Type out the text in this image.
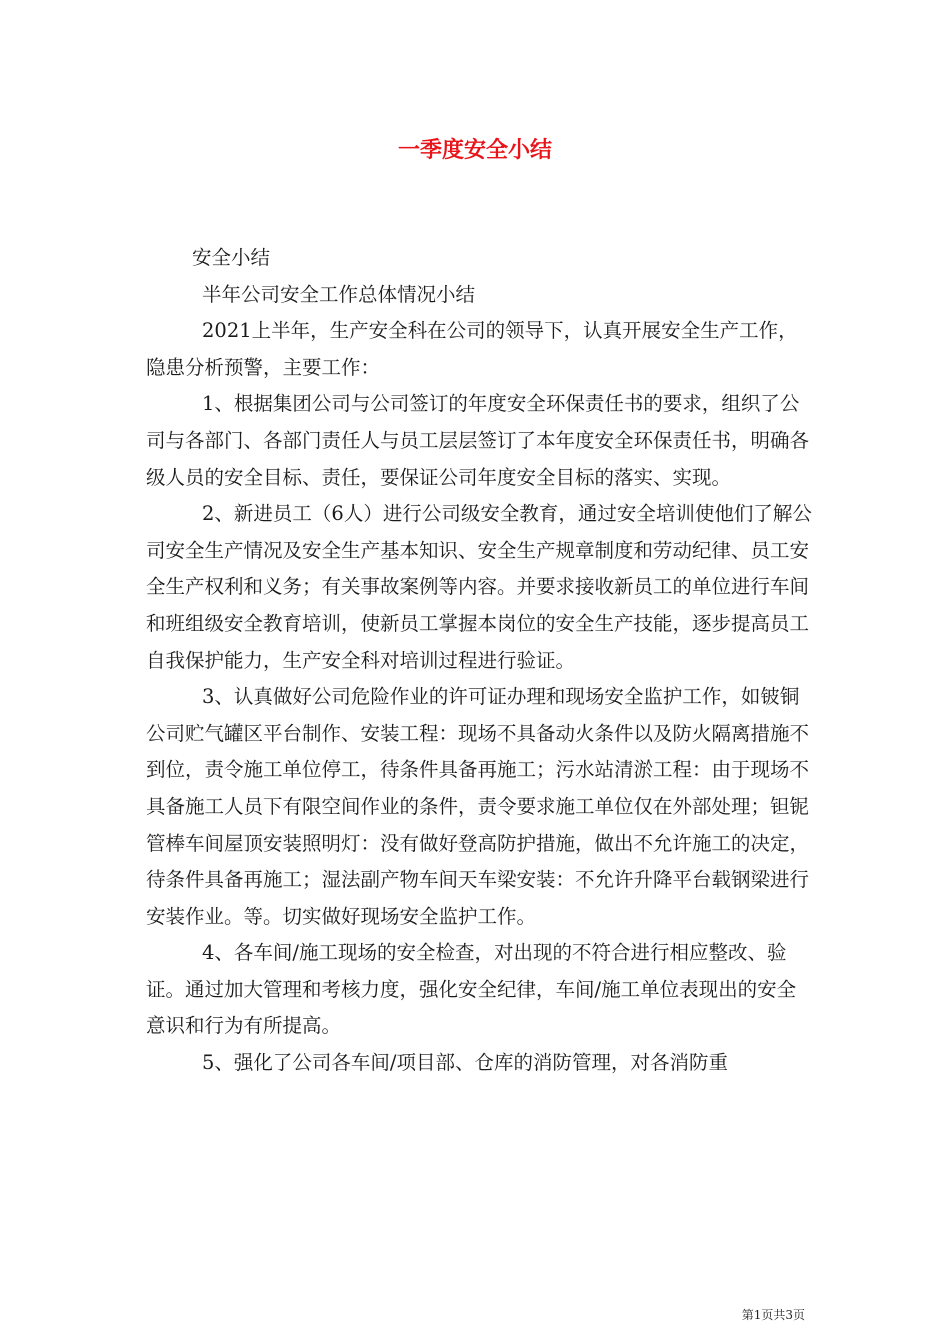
一季度安全小结

安全小结

半年公司安全工作总体情况小结

2021上半年，生产安全科在公司的领导下，认真开展安全生产工作，隐患分析预警，主要工作：

1、根据集团公司与公司签订的年度安全环保责任书的要求，组织了公司与各部门、各部门责任人与员工层层签订了本年度安全环保责任书，明确各级人员的安全目标、责任，要保证公司年度安全目标的落实、实现。

2、新进员工（6人）进行公司级安全教育，通过安全培训使他们了解公司安全生产情况及安全生产基本知识、安全生产规章制度和劳动纪律、员工安全生产权利和义务；有关事故案例等内容。并要求接收新员工的单位进行车间和班组级安全教育培训，使新员工掌握本岗位的安全生产技能，逐步提高员工自我保护能力，生产安全科对培训过程进行验证。

3、认真做好公司危险作业的许可证办理和现场安全监护工作，如铍铜公司贮气罐区平台制作、安装工程：现场不具备动火条件以及防火隔离措施不到位，责令施工单位停工，待条件具备再施工；污水站清淤工程：由于现场不具备施工人员下有限空间作业的条件，责令要求施工单位仅在外部处理；钽铌管棒车间屋顶安装照明灯：没有做好登高防护措施，做出不允许施工的决定，待条件具备再施工；湿法副产物车间天车梁安装：不允许升降平台载钢梁进行安装作业。等。切实做好现场安全监护工作。

4、各车间/施工现场的安全检查，对出现的不符合进行相应整改、验证。通过加大管理和考核力度，强化安全纪律，车间/施工单位表现出的安全意识和行为有所提高。

5、强化了公司各车间/项目部、仓库的消防管理，对各消防重

第1页共3页
